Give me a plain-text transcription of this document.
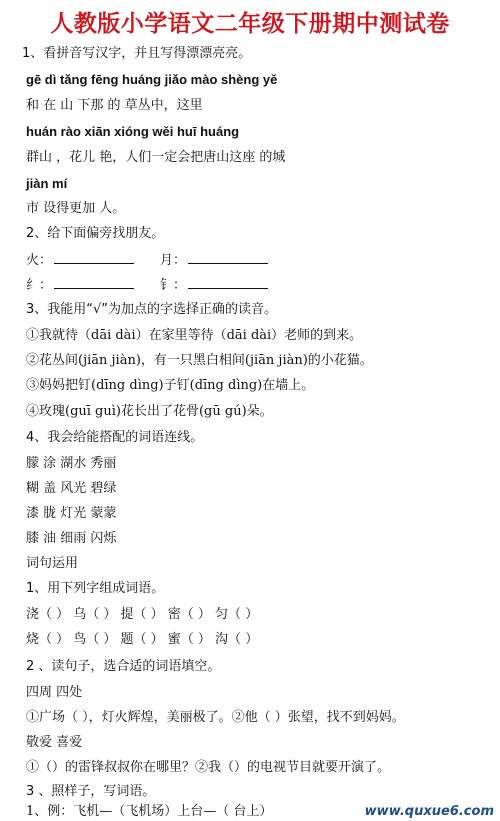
人教版小学语文二年级下册期中测试卷
1、看拼音写汉字，并且写得漂漂亮亮。
gē dì tǎng fēng huáng jiǎo mào shèng yě
和 在 山 下那 的 草丛中，这里
huán rào xiān xióng wěi huī huáng
群山 ，花儿 艳，人们一定会把唐山这座 的城
jiàn mí
市 设得更加 人。
2、给下面偏旁找朋友。
火：	月：
纟：	钅：
3、我能用“√”为加点的字选择正确的读音。
①我就待（dāi dài）在家里等待（dāi dài）老师的到来。
②花丛间(jiān jiàn)，有一只黑白相间(jiān jiàn)的小花猫。
③妈妈把钉(dīng dìng)子钉(dīng dìng)在墙上。
④玫瑰(guī guì)花长出了花骨(gū gú)朵。
4、我会给能搭配的词语连线。
朦 涂 湖水 秀丽
糊 盖 风光 碧绿
漆 胧 灯光 蒙蒙
膝 油 细雨 闪烁
词句运用
1、用下列字组成词语。
浇（ ） 乌（ ） 提（ ） 密（ ） 匀（ ）
烧（ ） 鸟（ ） 题（ ） 蜜（ ） 沟（ ）
2 、读句子，选合适的词语填空。
四周 四处
①广场（ ），灯火辉煌，美丽极了。②他（ ）张望，找不到妈妈。
敬爱 喜爱
①（）的雷锋叔叔你在哪里？②我（）的电视节目就要开演了。
3 、照样子，写词语。
1、例：飞机—（飞机场）上台—（ 台上）	www.quxue6.com
